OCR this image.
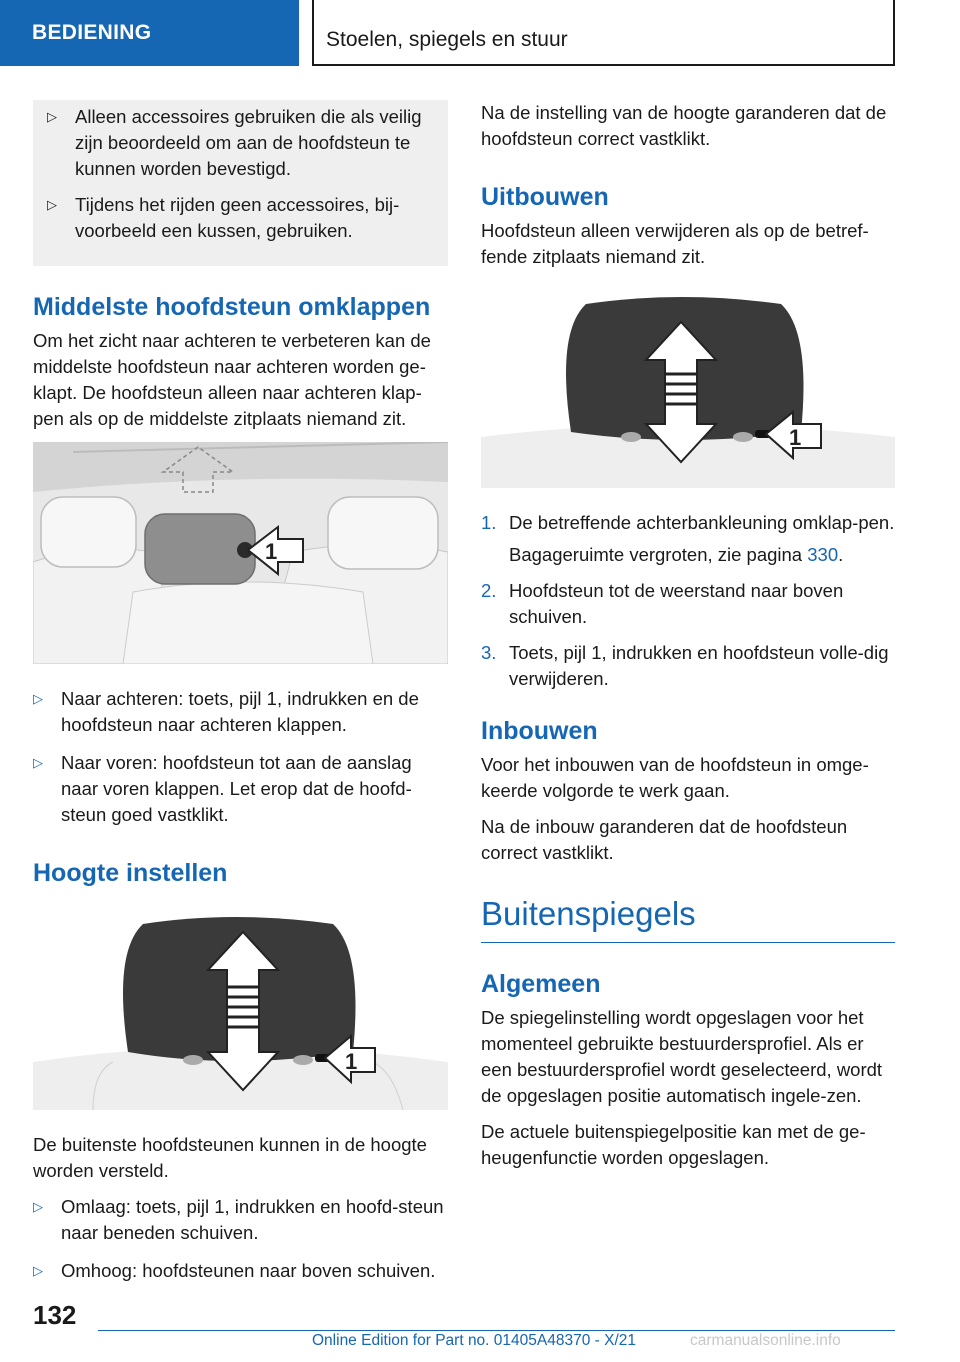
BEDIENING	Stoelen, spiegels en stuur
▷ Alleen accessoires gebruiken die als veilig zijn beoordeeld om aan de hoofdsteun te kunnen worden bevestigd.
▷ Tijdens het rijden geen accessoires, bij-voorbeeld een kussen, gebruiken.
Middelste hoofdsteun omklappen

Om het zicht naar achteren te verbeteren kan de middelste hoofdsteun naar achteren worden ge-klapt. De hoofdsteun alleen naar achteren klap-pen als op de middelste zitplaats niemand zit.

1
▷ Naar achteren: toets, pijl 1, indrukken en de hoofdsteun naar achteren klappen.
▷ Naar voren: hoofdsteun tot aan de aanslag naar voren klappen. Let erop dat de hoofd-steun goed vastklikt.
Hoogte instellen
1

De buitenste hoofdsteunen kunnen in de hoogte worden versteld.

▷ Omlaag: toets, pijl 1, indrukken en hoofd-steun naar beneden schuiven.
▷ Omhoog: hoofdsteunen naar boven schuiven.

Na de instelling van de hoogte garanderen dat de hoofdsteun correct vastklikt.

Uitbouwen

Hoofdsteun alleen verwijderen als op de betref-fende zitplaats niemand zit.

1
1. De betreffende achterbankleuning omklap-pen.
Bagageruimte vergroten, zie pagina 330.
2. Hoofdsteun tot de weerstand naar boven schuiven.
3. Toets, pijl 1, indrukken en hoofdsteun volle-dig verwijderen.
Inbouwen

Voor het inbouwen van de hoofdsteun in omge-keerde volgorde te werk gaan.

Na de inbouw garanderen dat de hoofdsteun correct vastklikt.

Buitenspiegels
Algemeen

De spiegelinstelling wordt opgeslagen voor het momenteel gebruikte bestuurdersprofiel. Als er een bestuurdersprofiel wordt geselecteerd, wordt de opgeslagen positie automatisch ingele-zen.

De actuele buitenspiegelpositie kan met de ge-heugenfunctie worden opgeslagen.

132
Online Edition for Part no. 01405A48370 - X/21	carmanualsonline.info
